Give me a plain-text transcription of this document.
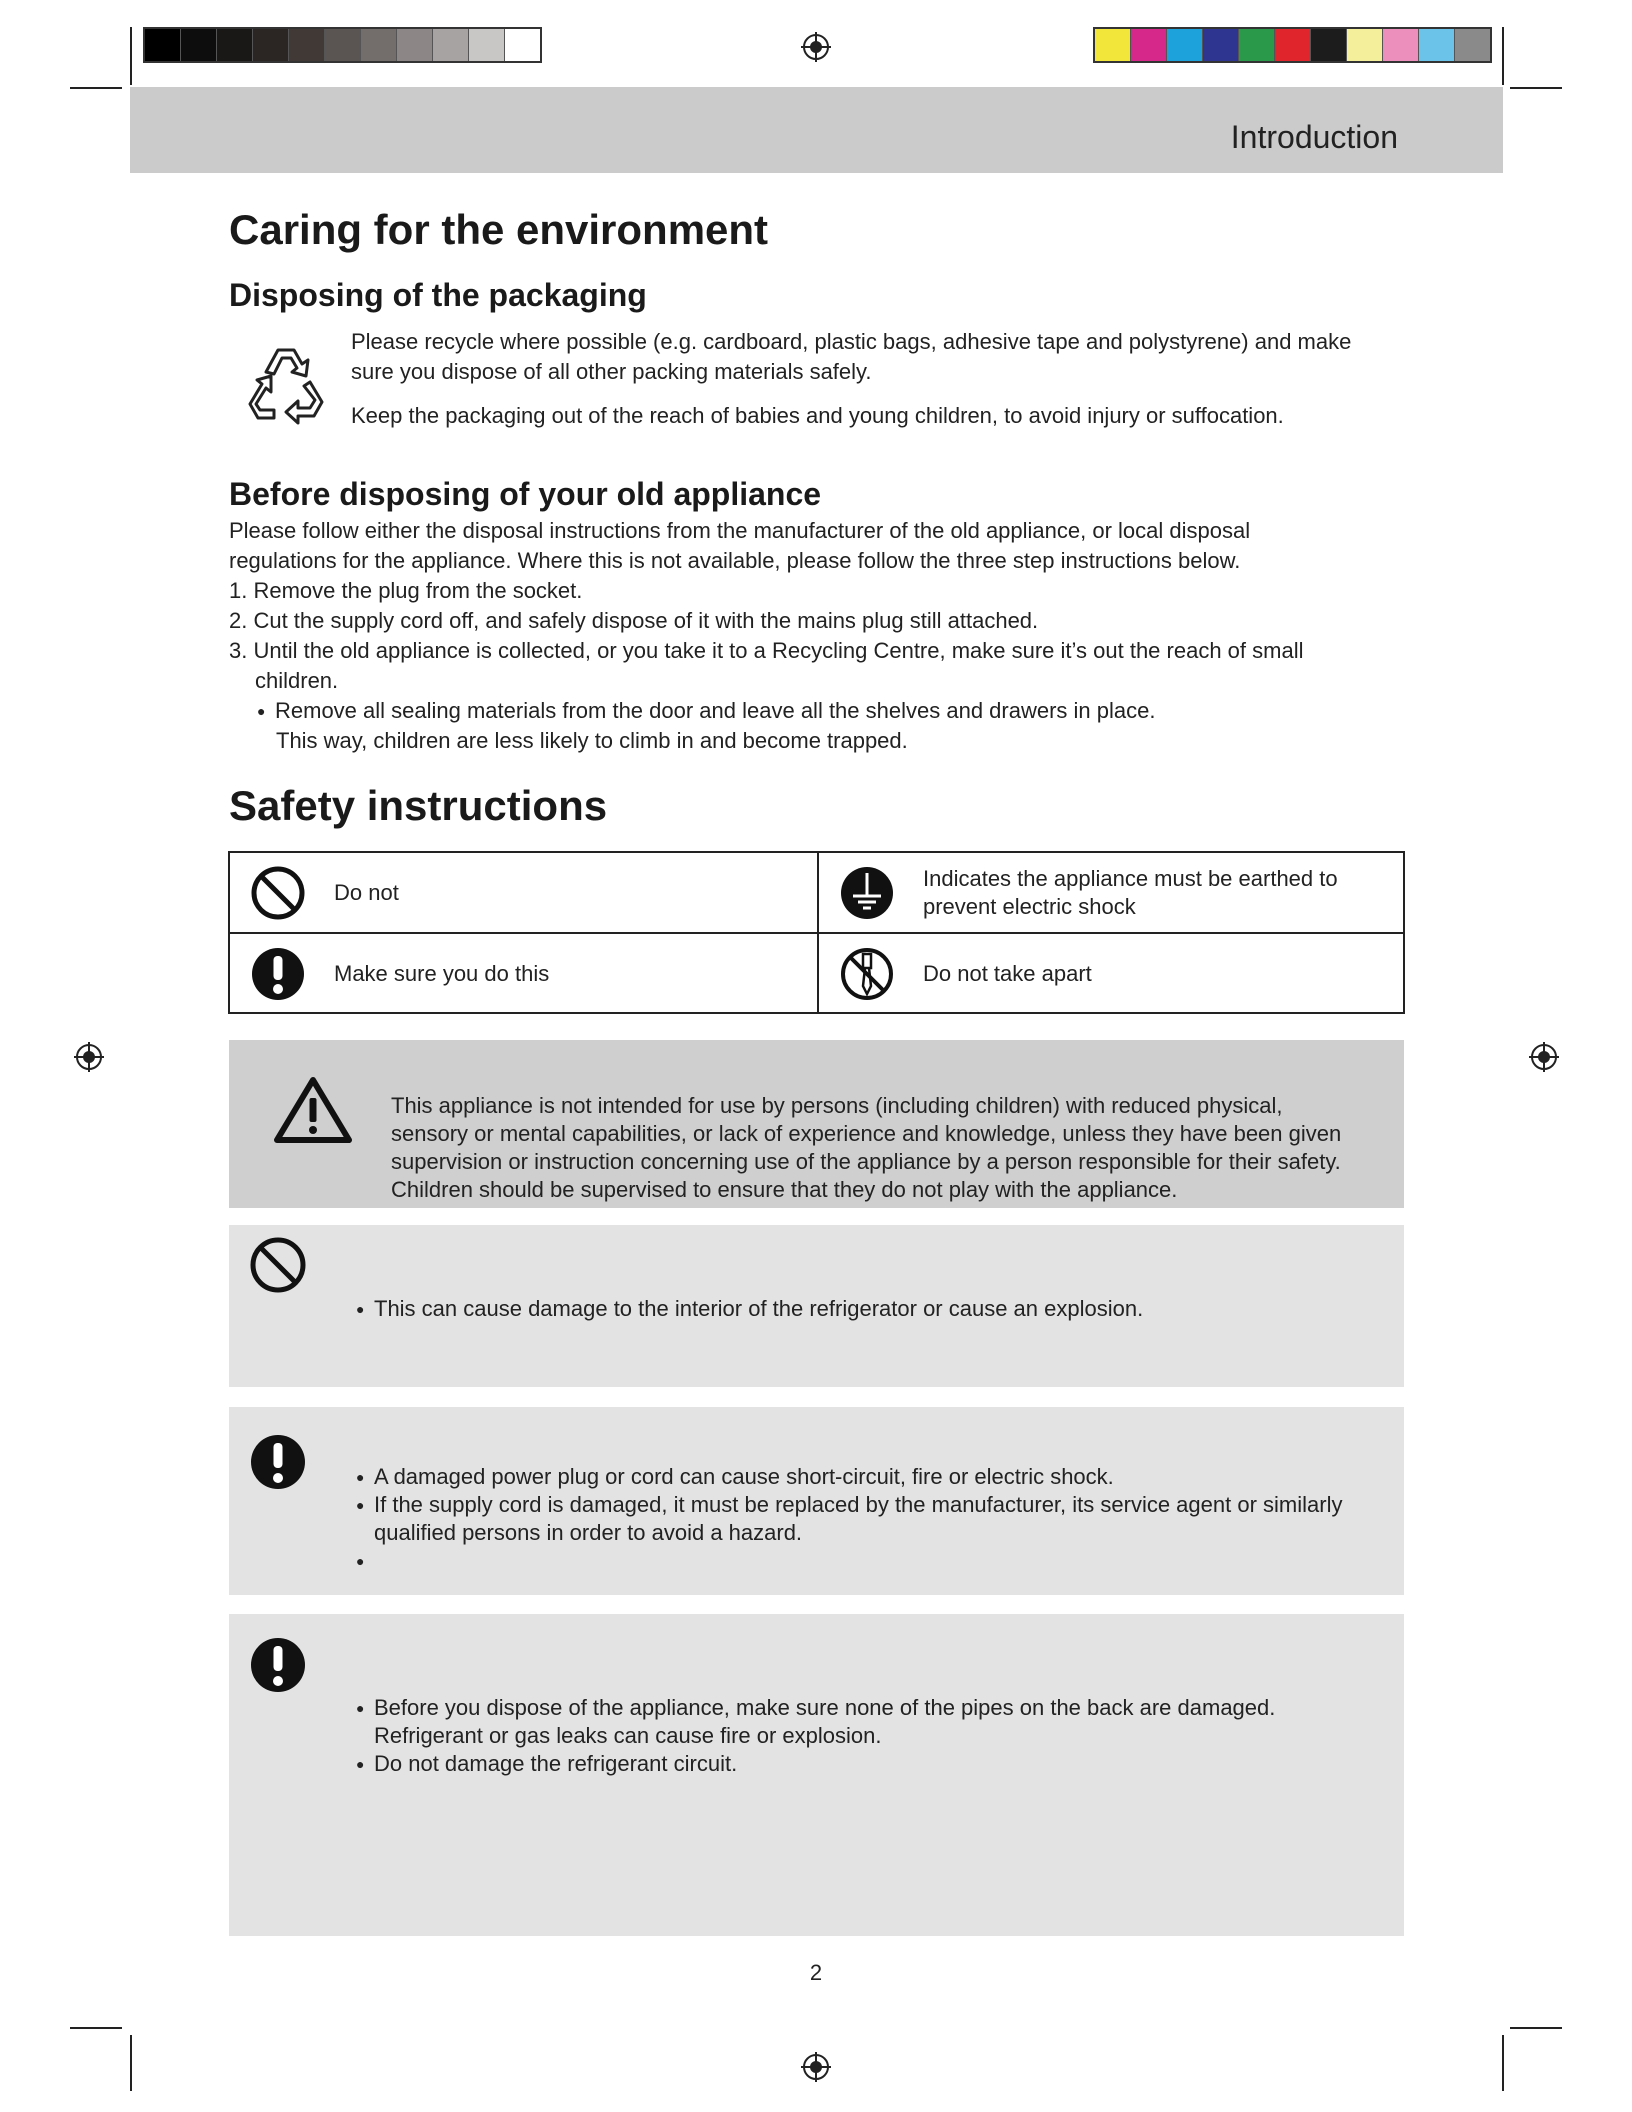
Introduction
Caring for the environment
Disposing of the packaging

Please recycle where possible (e.g. cardboard, plastic bags, adhesive tape and polystyrene) and make

sure you dispose of all other packing materials safely.

Keep the packaging out of the reach of babies and young children, to avoid injury or suffocation.

Before disposing of your old appliance

Please follow either the disposal instructions from the manufacturer of the old appliance, or local disposal

regulations for the appliance. Where this is not available, please follow the three step instructions below.

1. Remove the plug from the socket.

2. Cut the supply cord off, and safely dispose of it with the mains plug still attached.

3. Until the old appliance is collected, or you take it to a Recycling Centre, make sure it’s out the reach of small

children.

● Remove all sealing materials from the door and leave all the shelves and drawers in place.

This way, children are less likely to climb in and become trapped.

Safety instructions
Do not
Indicates the appliance must be earthed to
prevent electric shock
Make sure you do this	Do not take apart
This appliance is not intended for use by persons (including children) with reduced physical,
sensory or mental capabilities, or lack of experience and knowledge, unless they have been given
supervision or instruction concerning use of the appliance by a person responsible for their safety.
Children should be supervised to ensure that they do not play with the appliance.
● This can cause damage to the interior of the refrigerator or cause an explosion.
● A damaged power plug or cord can cause short-circuit, fire or electric shock.
● If the supply cord is damaged, it must be replaced by the manufacturer, its service agent or similarly
qualified persons in order to avoid a hazard.
●
● Before you dispose of the appliance, make sure none of the pipes on the back are damaged.
Refrigerant or gas leaks can cause fire or explosion.
● Do not damage the refrigerant circuit.
2
